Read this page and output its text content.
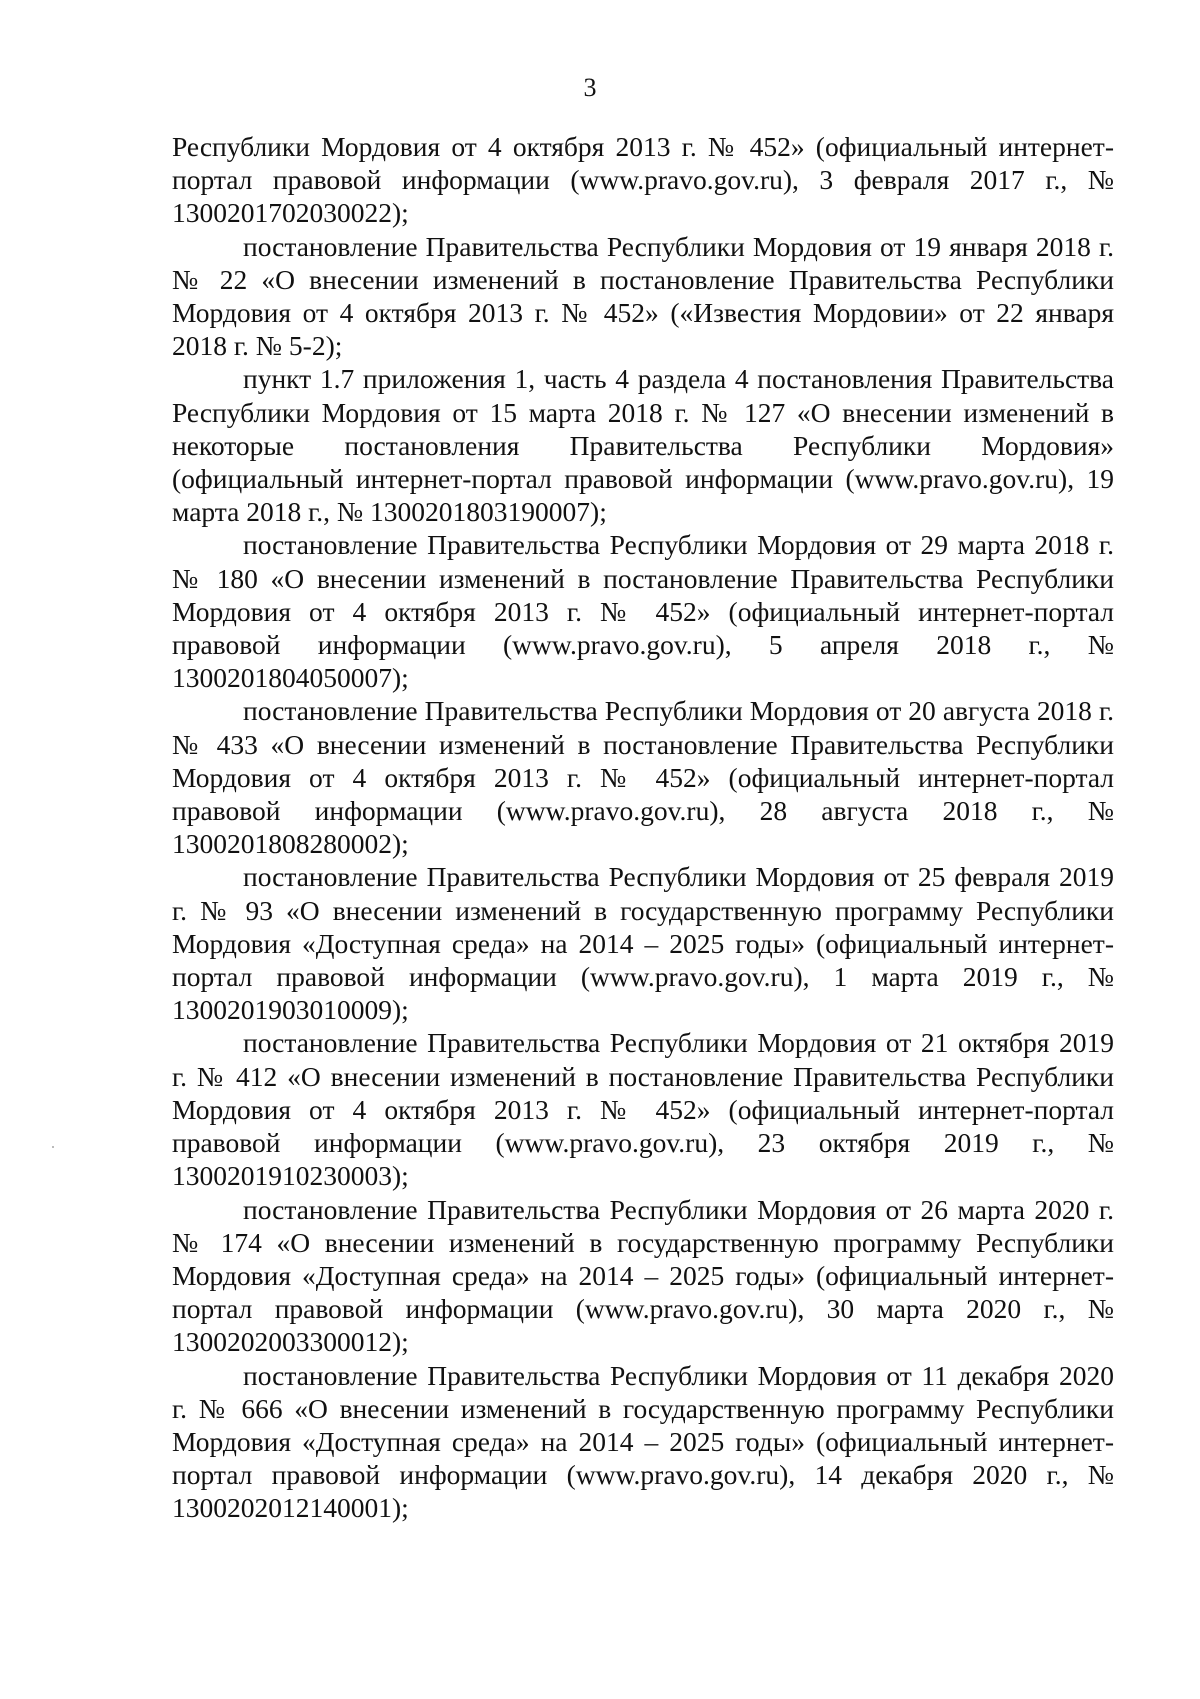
3

Республики Мордовия от 4 октября 2013 г. № 452» (официальный интернет-портал правовой информации (www.pravo.gov.ru), 3 февраля 2017 г., № 1300201702030022);

постановление Правительства Республики Мордовия от 19 января 2018 г. № 22 «О внесении изменений в постановление Правительства Республики Мордовия от 4 октября 2013 г. № 452» («Известия Мордовии» от 22 января 2018 г. № 5-2);

пункт 1.7 приложения 1, часть 4 раздела 4 постановления Правительства Республики Мордовия от 15 марта 2018 г. № 127 «О внесении изменений в некоторые постановления Правительства Республики Мордовия» (официальный интернет-портал правовой информации (www.pravo.gov.ru), 19 марта 2018 г., № 1300201803190007);

постановление Правительства Республики Мордовия от 29 марта 2018 г. № 180 «О внесении изменений в постановление Правительства Республики Мордовия от 4 октября 2013 г. № 452» (официальный интернет-портал правовой информации (www.pravo.gov.ru), 5 апреля 2018 г., № 1300201804050007);

постановление Правительства Республики Мордовия от 20 августа 2018 г. № 433 «О внесении изменений в постановление Правительства Республики Мордовия от 4 октября 2013 г. № 452» (официальный интернет-портал правовой информации (www.pravo.gov.ru), 28 августа 2018 г., № 1300201808280002);

постановление Правительства Республики Мордовия от 25 февраля 2019 г. № 93 «О внесении изменений в государственную программу Республики Мордовия «Доступная среда» на 2014 – 2025 годы» (официальный интернет-портал правовой информации (www.pravo.gov.ru), 1 марта 2019 г., № 1300201903010009);

постановление Правительства Республики Мордовия от 21 октября 2019 г. № 412 «О внесении изменений в постановление Правительства Республики Мордовия от 4 октября 2013 г. № 452» (официальный интернет-портал правовой информации (www.pravo.gov.ru), 23 октября 2019 г., № 1300201910230003);

постановление Правительства Республики Мордовия от 26 марта 2020 г. № 174 «О внесении изменений в государственную программу Республики Мордовия «Доступная среда» на 2014 – 2025 годы» (официальный интернет-портал правовой информации (www.pravo.gov.ru), 30 марта 2020 г., № 1300202003300012);

постановление Правительства Республики Мордовия от 11 декабря 2020 г. № 666 «О внесении изменений в государственную программу Республики Мордовия «Доступная среда» на 2014 – 2025 годы» (официальный интернет-портал правовой информации (www.pravo.gov.ru), 14 декабря 2020 г., № 1300202012140001);
